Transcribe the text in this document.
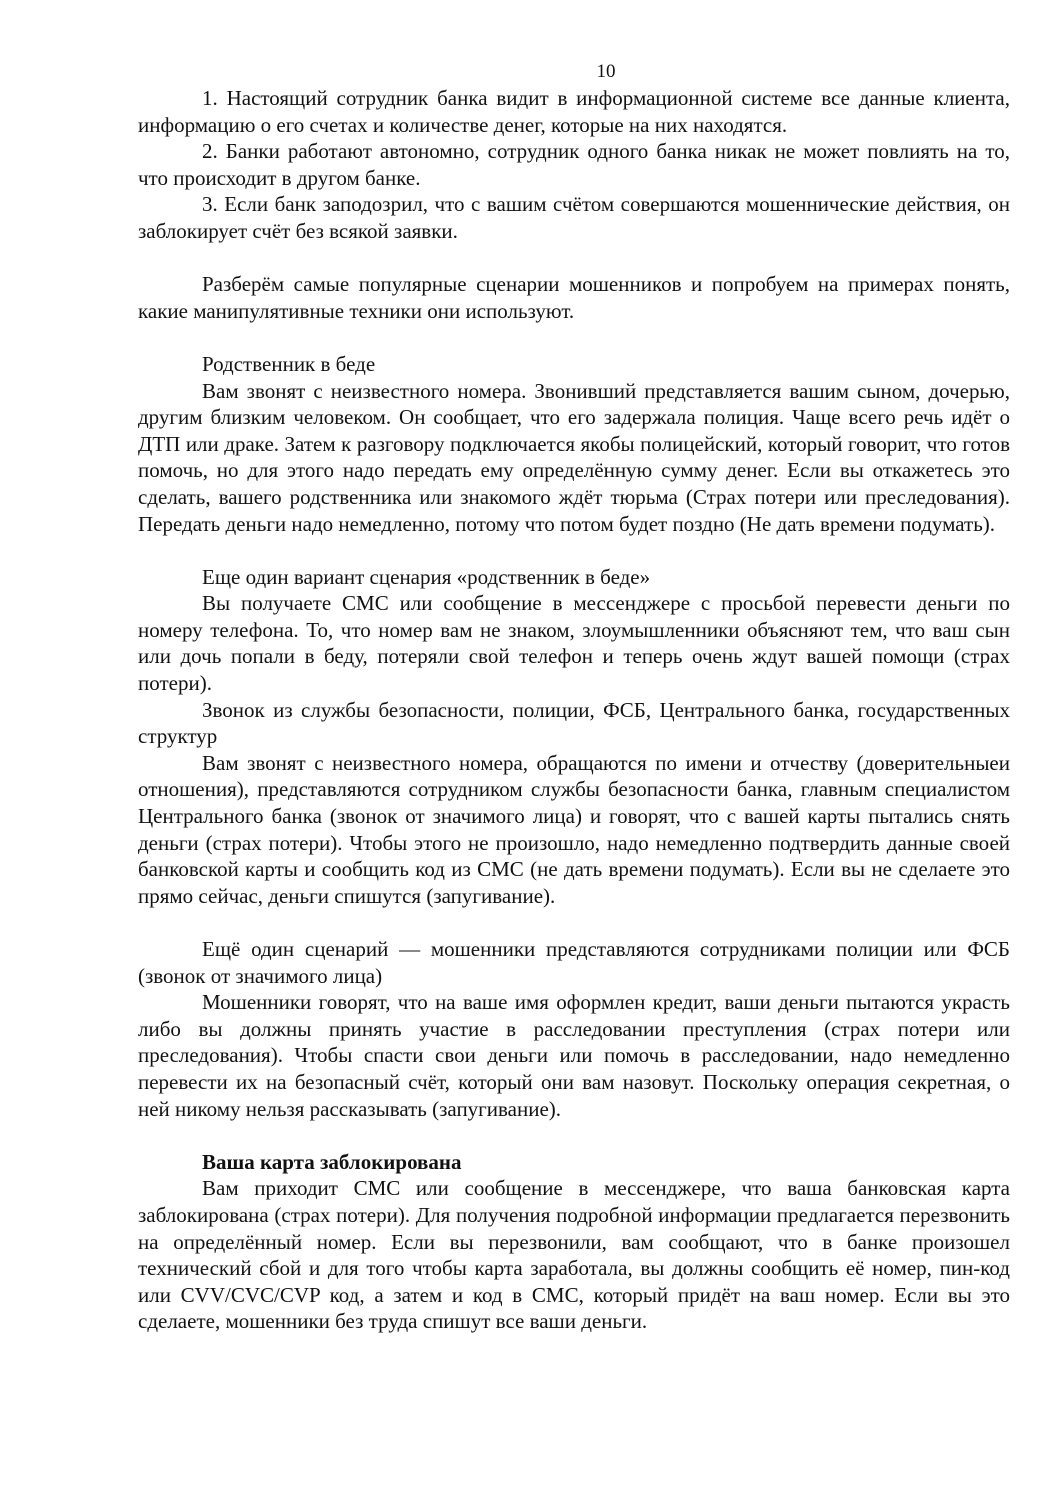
10

1. Настоящий сотрудник банка видит в информационной системе все данные клиента, информацию о его счетах и количестве денег, которые на них находятся.

2. Банки работают автономно, сотрудник одного банка никак не может повлиять на то, что происходит в другом банке.

3. Если банк заподозрил, что с вашим счётом совершаются мошеннические действия, он заблокирует счёт без всякой заявки.

Разберём самые популярные сценарии мошенников и попробуем на примерах понять, какие манипулятивные техники они используют.

Родственник в беде

Вам звонят с неизвестного номера. Звонивший представляется вашим сыном, дочерью, другим близким человеком. Он сообщает, что его задержала полиция. Чаще всего речь идёт о ДТП или драке. Затем к разговору подключается якобы полицейский, который говорит, что готов помочь, но для этого надо передать ему определённую сумму денег. Если вы откажетесь это сделать, вашего родственника или знакомого ждёт тюрьма (Страх потери или преследования). Передать деньги надо немедленно, потому что потом будет поздно (Не дать времени подумать).

Еще один вариант сценария «родственник в беде»

Вы получаете СМС или сообщение в мессенджере с просьбой перевести деньги по номеру телефона. То, что номер вам не знаком, злоумышленники объясняют тем, что ваш сын или дочь попали в беду, потеряли свой телефон и теперь очень ждут вашей помощи (страх потери).

Звонок из службы безопасности, полиции, ФСБ, Центрального банка, государственных структур

Вам звонят с неизвестного номера, обращаются по имени и отчеству (доверительныеи отношения), представляются сотрудником службы безопасности банка, главным специалистом Центрального банка (звонок от значимого лица) и говорят, что с вашей карты пытались снять деньги (страх потери). Чтобы этого не произошло, надо немедленно подтвердить данные своей банковской карты и сообщить код из СМС (не дать времени подумать). Если вы не сделаете это прямо сейчас, деньги спишутся (запугивание).

Ещё один сценарий — мошенники представляются сотрудниками полиции или ФСБ (звонок от значимого лица)

Мошенники говорят, что на ваше имя оформлен кредит, ваши деньги пытаются украсть либо вы должны принять участие в расследовании преступления (страх потери или преследования). Чтобы спасти свои деньги или помочь в расследовании, надо немедленно перевести их на безопасный счёт, который они вам назовут. Поскольку операция секретная, о ней никому нельзя рассказывать (запугивание).

Ваша карта заблокирована

Вам приходит СМС или сообщение в мессенджере, что ваша банковская карта заблокирована (страх потери). Для получения подробной информации предлагается перезвонить на определённый номер. Если вы перезвонили, вам сообщают, что в банке произошел технический сбой и для того чтобы карта заработала, вы должны сообщить её номер, пин-код или CVV/CVC/CVP код, а затем и код в СМС, который придёт на ваш номер. Если вы это сделаете, мошенники без труда спишут все ваши деньги.
